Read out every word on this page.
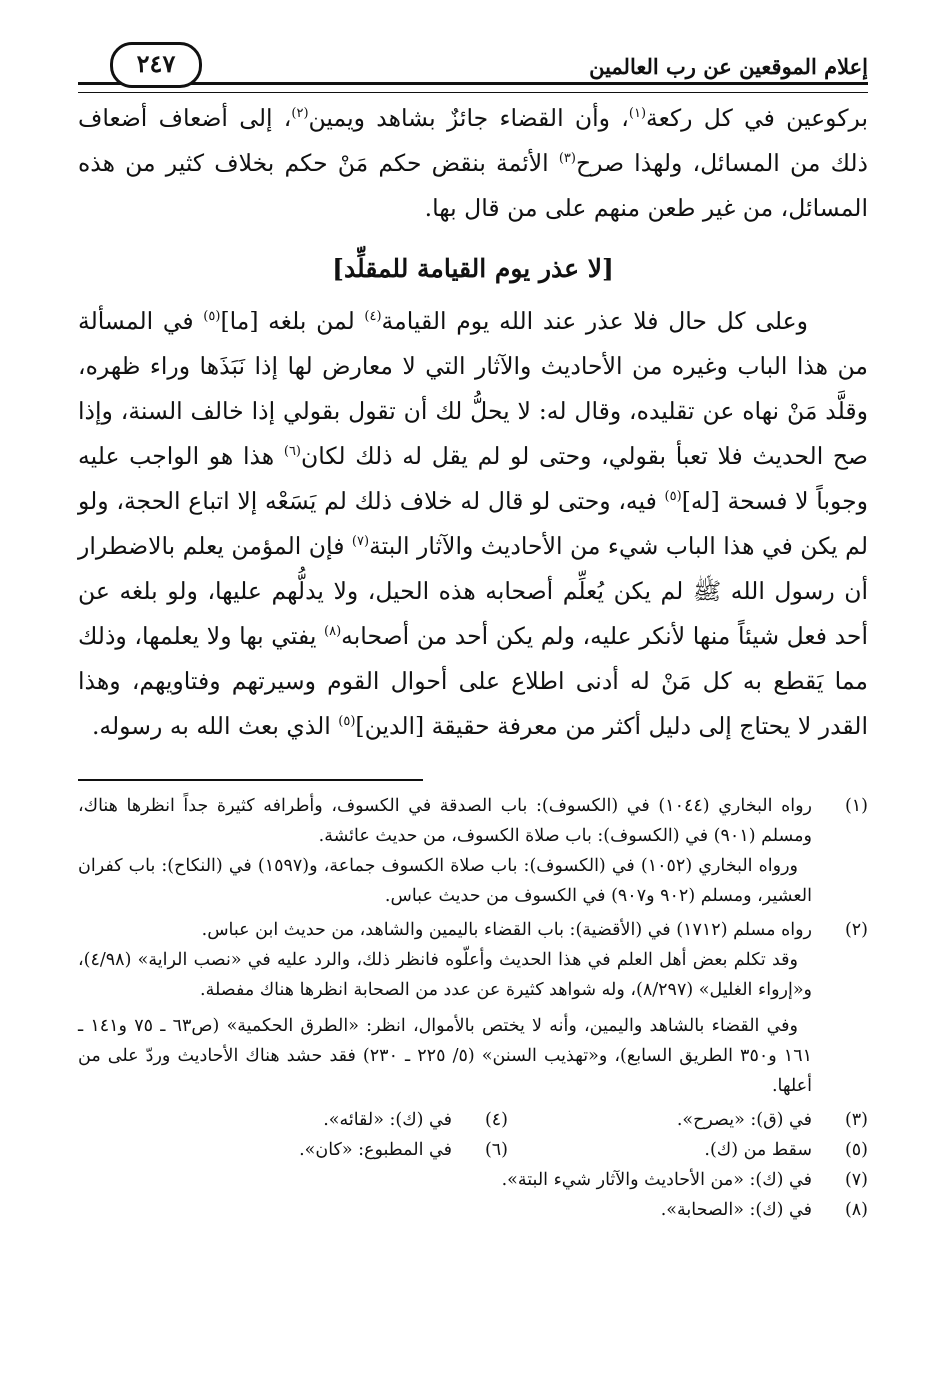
إعلام الموقعين عن رب العالمين
٢٤٧

بركوعين في كل ركعة$^{(١)}$، وأن القضاء جائزٌ بشاهد ويمين$^{(٢)}$، إلى أضعاف أضعاف ذلك من المسائل، ولهذا صرح$^{(٣)}$ الأئمة بنقض حكم مَنْ حكم بخلاف كثير من هذه المسائل، من غير طعن منهم على من قال بها.

[لا عذر يوم القيامة للمقلِّد]

وعلى كل حال فلا عذر عند الله يوم القيامة$^{(٤)}$ لمن بلغه [ما]$^{(٥)}$ في المسألة من هذا الباب وغيره من الأحاديث والآثار التي لا معارض لها إذا نَبَذَها وراء ظهره، وقلَّد مَنْ نهاه عن تقليده، وقال له: لا يحلُّ لك أن تقول بقولي إذا خالف السنة، وإذا صح الحديث فلا تعبأ بقولي، وحتى لو لم يقل له ذلك لكان$^{(٦)}$ هذا هو الواجب عليه وجوباً لا فسحة [له]$^{(٥)}$ فيه، وحتى لو قال له خلاف ذلك لم يَسَعْه إلا اتباع الحجة، ولو لم يكن في هذا الباب شيء من الأحاديث والآثار البتة$^{(٧)}$ فإن المؤمن يعلم بالاضطرار أن رسول الله ﷺ لم يكن يُعلِّم أصحابه هذه الحيل، ولا يدلُّهم عليها، ولو بلغه عن أحد فعل شيئاً منها لأنكر عليه، ولم يكن أحد من أصحابه$^{(٨)}$ يفتي بها ولا يعلمها، وذلك مما يَقطع به كل مَنْ له أدنى اطلاع على أحوال القوم وسيرتهم وفتاويهم، وهذا القدر لا يحتاج إلى دليل أكثر من معرفة حقيقة [الدين]$^{(٥)}$ الذي بعث الله به رسوله.

(١)

رواه البخاري (١٠٤٤) في (الكسوف): باب الصدقة في الكسوف، وأطرافه كثيرة جداً انظرها هناك، ومسلم (٩٠١) في (الكسوف): باب صلاة الكسوف، من حديث عائشة.

ورواه البخاري (١٠٥٢) في (الكسوف): باب صلاة الكسوف جماعة، و(١٥٩٧) في (النكاح): باب كفران العشير، ومسلم (٩٠٢ و٩٠٧) في الكسوف من حديث عباس.

(٢)

رواه مسلم (١٧١٢) في (الأقضية): باب القضاء باليمين والشاهد، من حديث ابن عباس.

وقد تكلم بعض أهل العلم في هذا الحديث وأعلّوه فانظر ذلك، والرد عليه في «نصب الراية» (٤/٩٨)، و«إرواء الغليل» (٨/٢٩٧)، وله شواهد كثيرة عن عدد من الصحابة انظرها هناك مفصلة.

وفي القضاء بالشاهد واليمين، وأنه لا يختص بالأموال، انظر: «الطرق الحكمية» (ص٦٣ ـ ٧٥ و١٤١ ـ ١٦١ و٣٥٠ الطريق السابع)، و«تهذيب السنن» (٥/ ٢٢٥ ـ ٢٣٠) فقد حشد هناك الأحاديث وردّ على من أعلها.

(٣)
في (ق): «يصرح».
(٤)
في (ك): «لقائه».
(٥)
سقط من (ك).
(٦)
في المطبوع: «كان».
(٧)
في (ك): «من الأحاديث والآثار شيء البتة».
(٨)
في (ك): «الصحابة».
